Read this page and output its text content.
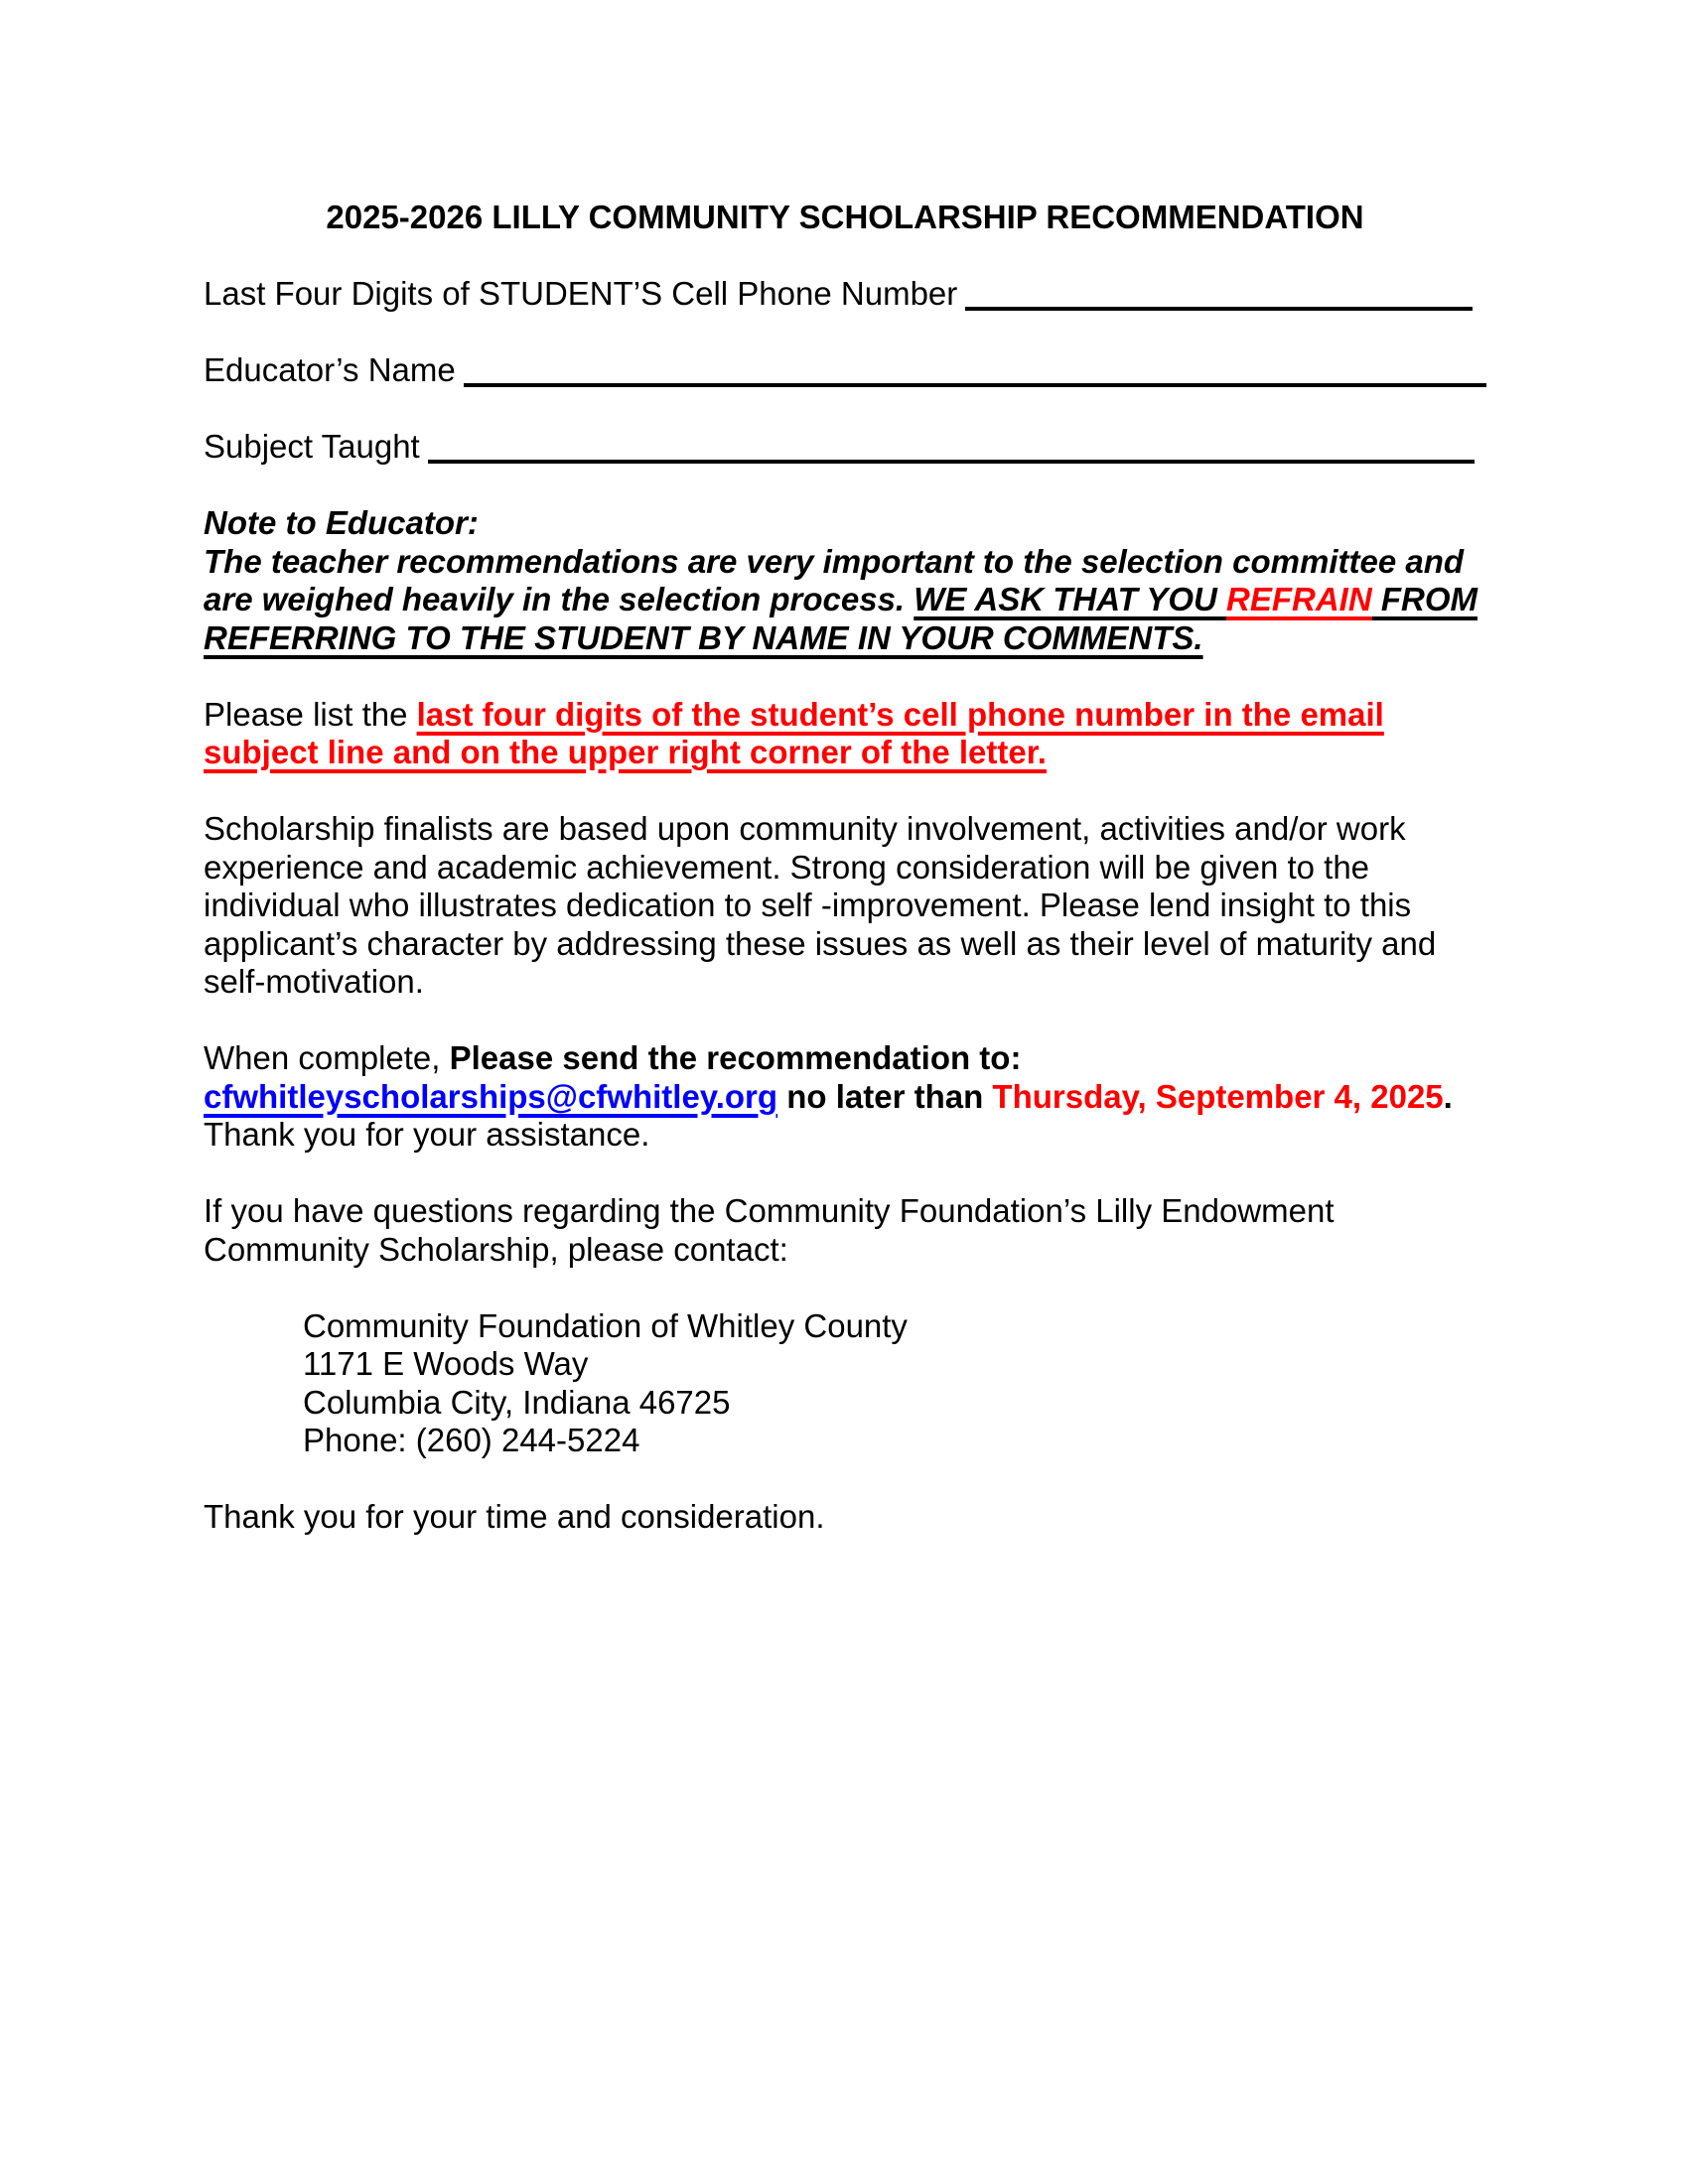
2025-2026 LILLY COMMUNITY SCHOLARSHIP RECOMMENDATION
Last Four Digits of STUDENT’S Cell Phone Number
Educator’s Name
Subject Taught
Note to Educator:
The teacher recommendations are very important to the selection committee and are weighed heavily in the selection process. WE ASK THAT YOU REFRAIN FROM REFERRING TO THE STUDENT BY NAME IN YOUR COMMENTS.
Please list the last four digits of the student’s cell phone number in the email subject line and on the upper right corner of the letter.
Scholarship finalists are based upon community involvement, activities and/or work experience and academic achievement. Strong consideration will be given to the individual who illustrates dedication to self -improvement. Please lend insight to this applicant’s character by addressing these issues as well as their level of maturity and self-motivation.
When complete, Please send the recommendation to: cfwhitleyscholarships@cfwhitley.org no later than Thursday, September 4, 2025. Thank you for your assistance.
If you have questions regarding the Community Foundation’s Lilly Endowment Community Scholarship, please contact:
Community Foundation of Whitley County
1171 E Woods Way
Columbia City, Indiana 46725
Phone: (260) 244-5224
Thank you for your time and consideration.
